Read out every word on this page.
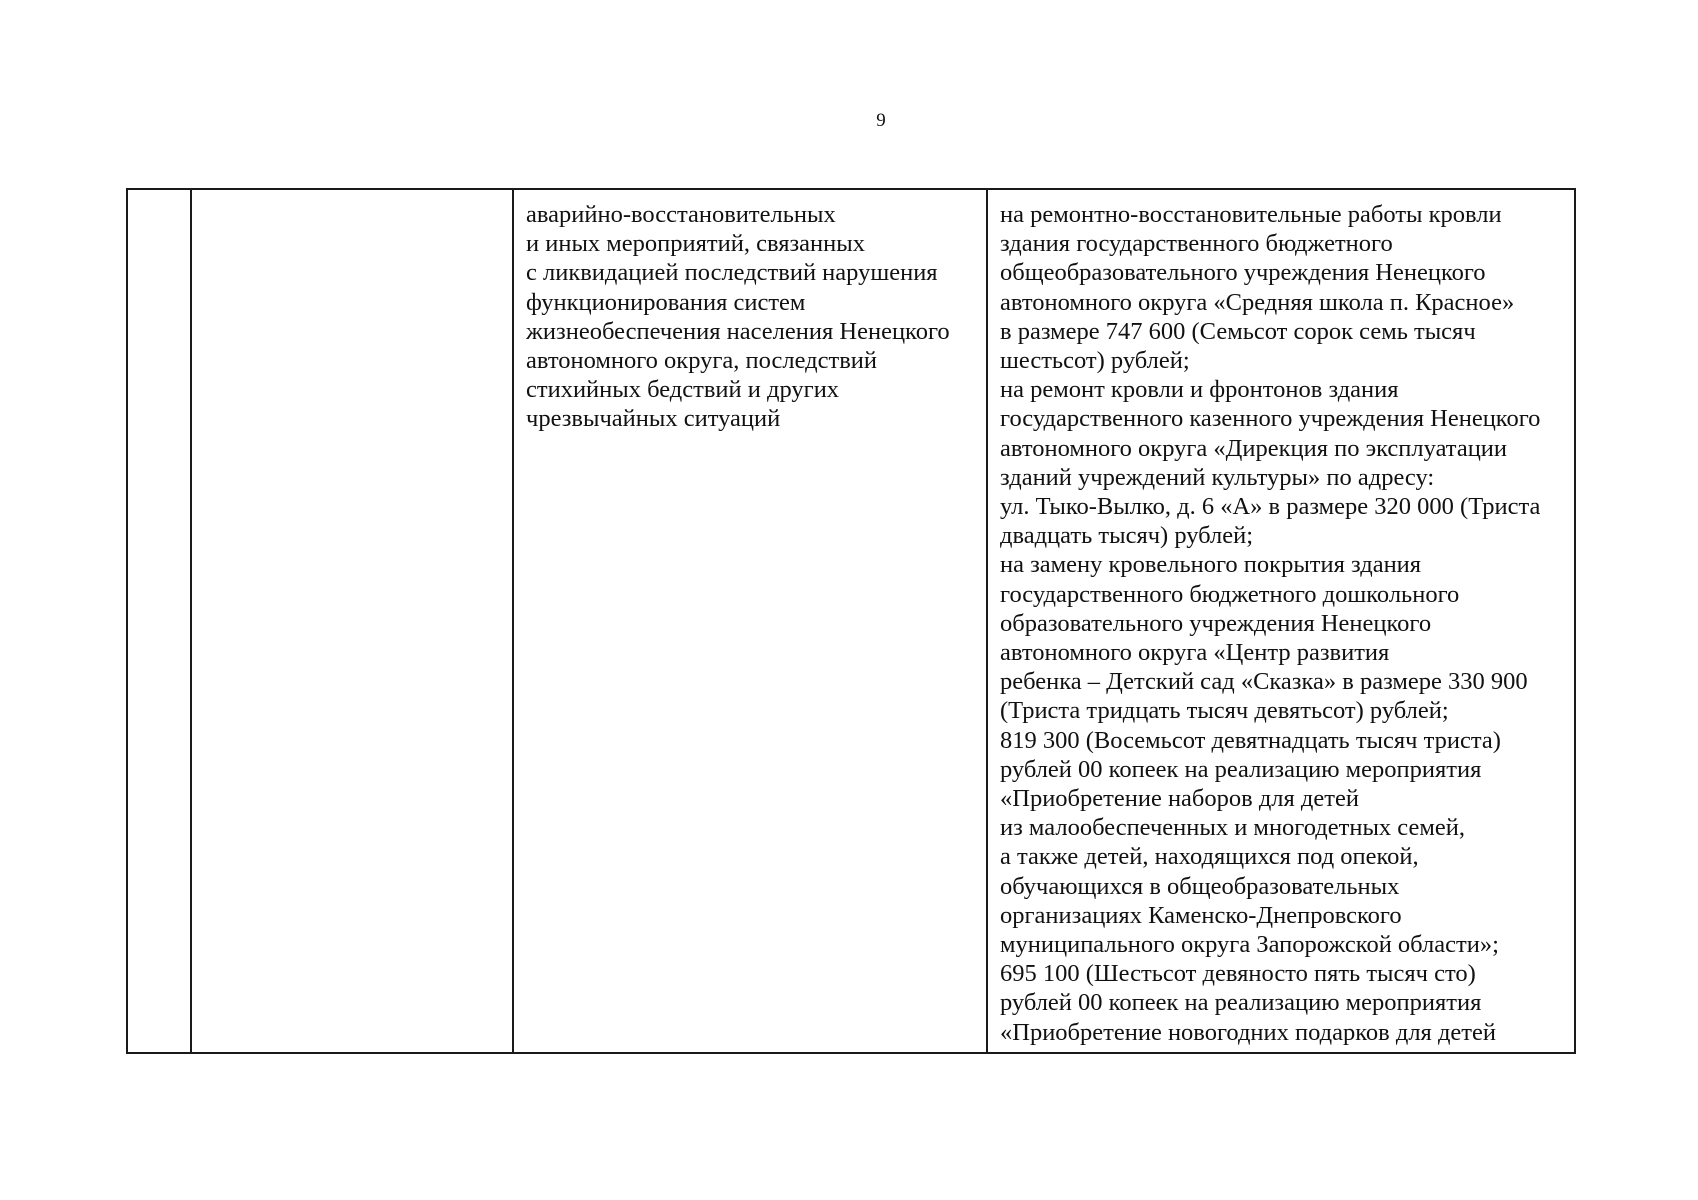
9

аварийно-восстановительных
и иных мероприятий, связанных
с ликвидацией последствий нарушения
функционирования систем
жизнеобеспечения населения Ненецкого
автономного округа, последствий
стихийных бедствий и других
чрезвычайных ситуаций

на ремонтно-восстановительные работы кровли
здания государственного бюджетного
общеобразовательного учреждения Ненецкого
автономного округа «Средняя школа п. Красное»
в размере 747 600 (Семьсот сорок семь тысяч
шестьсот) рублей;
на ремонт кровли и фронтонов здания
государственного казенного учреждения Ненецкого
автономного округа «Дирекция по эксплуатации
зданий учреждений культуры» по адресу:
ул. Тыко-Вылко, д. 6 «А» в размере 320 000 (Триста
двадцать тысяч) рублей;
на замену кровельного покрытия здания
государственного бюджетного дошкольного
образовательного учреждения Ненецкого
автономного округа «Центр развития
ребенка – Детский сад «Сказка» в размере 330 900
(Триста тридцать тысяч девятьсот) рублей;
819 300 (Восемьсот девятнадцать тысяч триста)
рублей 00 копеек на реализацию мероприятия
«Приобретение наборов для детей
из малообеспеченных и многодетных семей,
а также детей, находящихся под опекой,
обучающихся в общеобразовательных
организациях Каменско-Днепровского
муниципального округа Запорожской области»;
695 100 (Шестьсот девяносто пять тысяч сто)
рублей 00 копеек на реализацию мероприятия
«Приобретение новогодних подарков для детей
